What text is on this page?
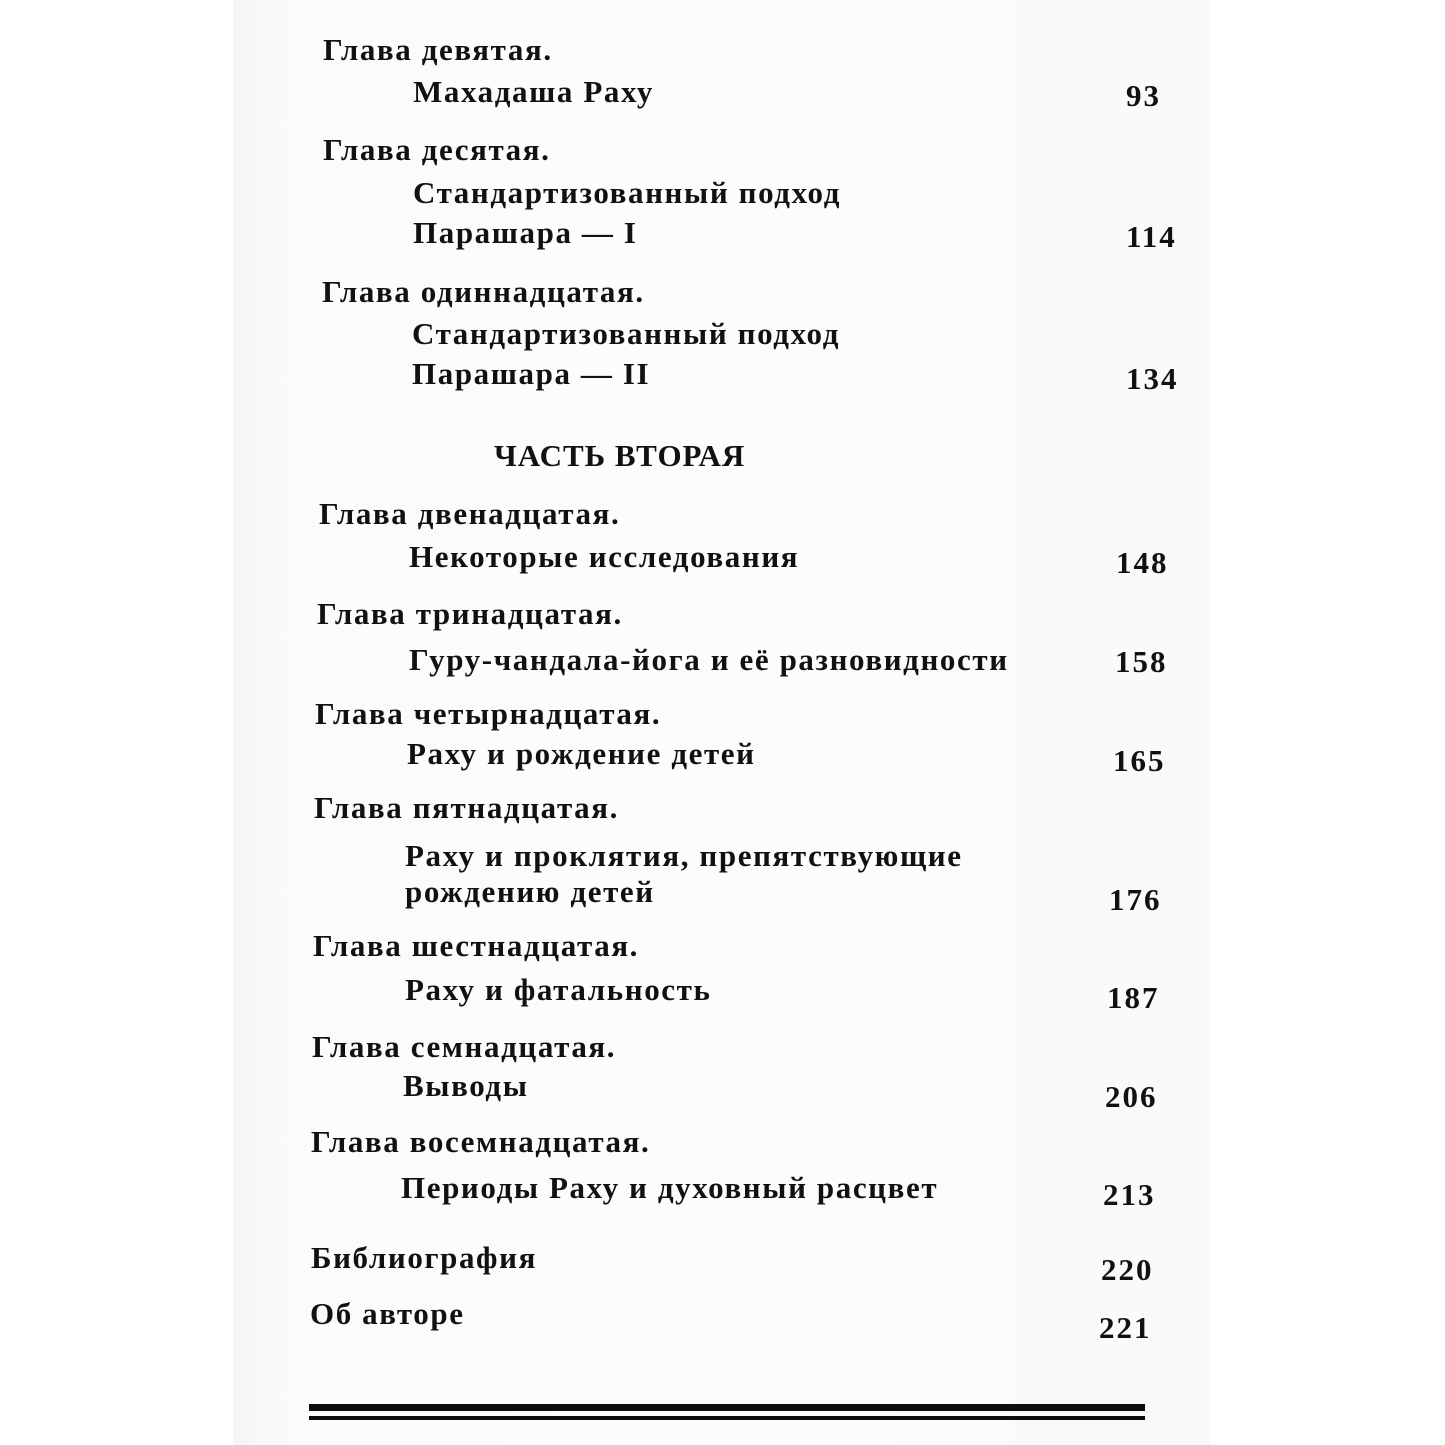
Глава девятая.
Махадаша Раху	93
Глава десятая.
Стандартизованный подход
Парашара — I	114
Глава одиннадцатая.
Стандартизованный подход
Парашара — II	134
ЧАСТЬ ВТОРАЯ
Глава двенадцатая.
Некоторые исследования	148
Глава тринадцатая.
Гуру-чандала-йога и её разновидности	158
Глава четырнадцатая.
Раху и рождение детей	165
Глава пятнадцатая.
Раху и проклятия, препятствующие
рождению детей	176
Глава шестнадцатая.
Раху и фатальность	187
Глава семнадцатая.
Выводы	206
Глава восемнадцатая.
Периоды Раху и духовный расцвет	213
Библиография	220
Об авторе	221
